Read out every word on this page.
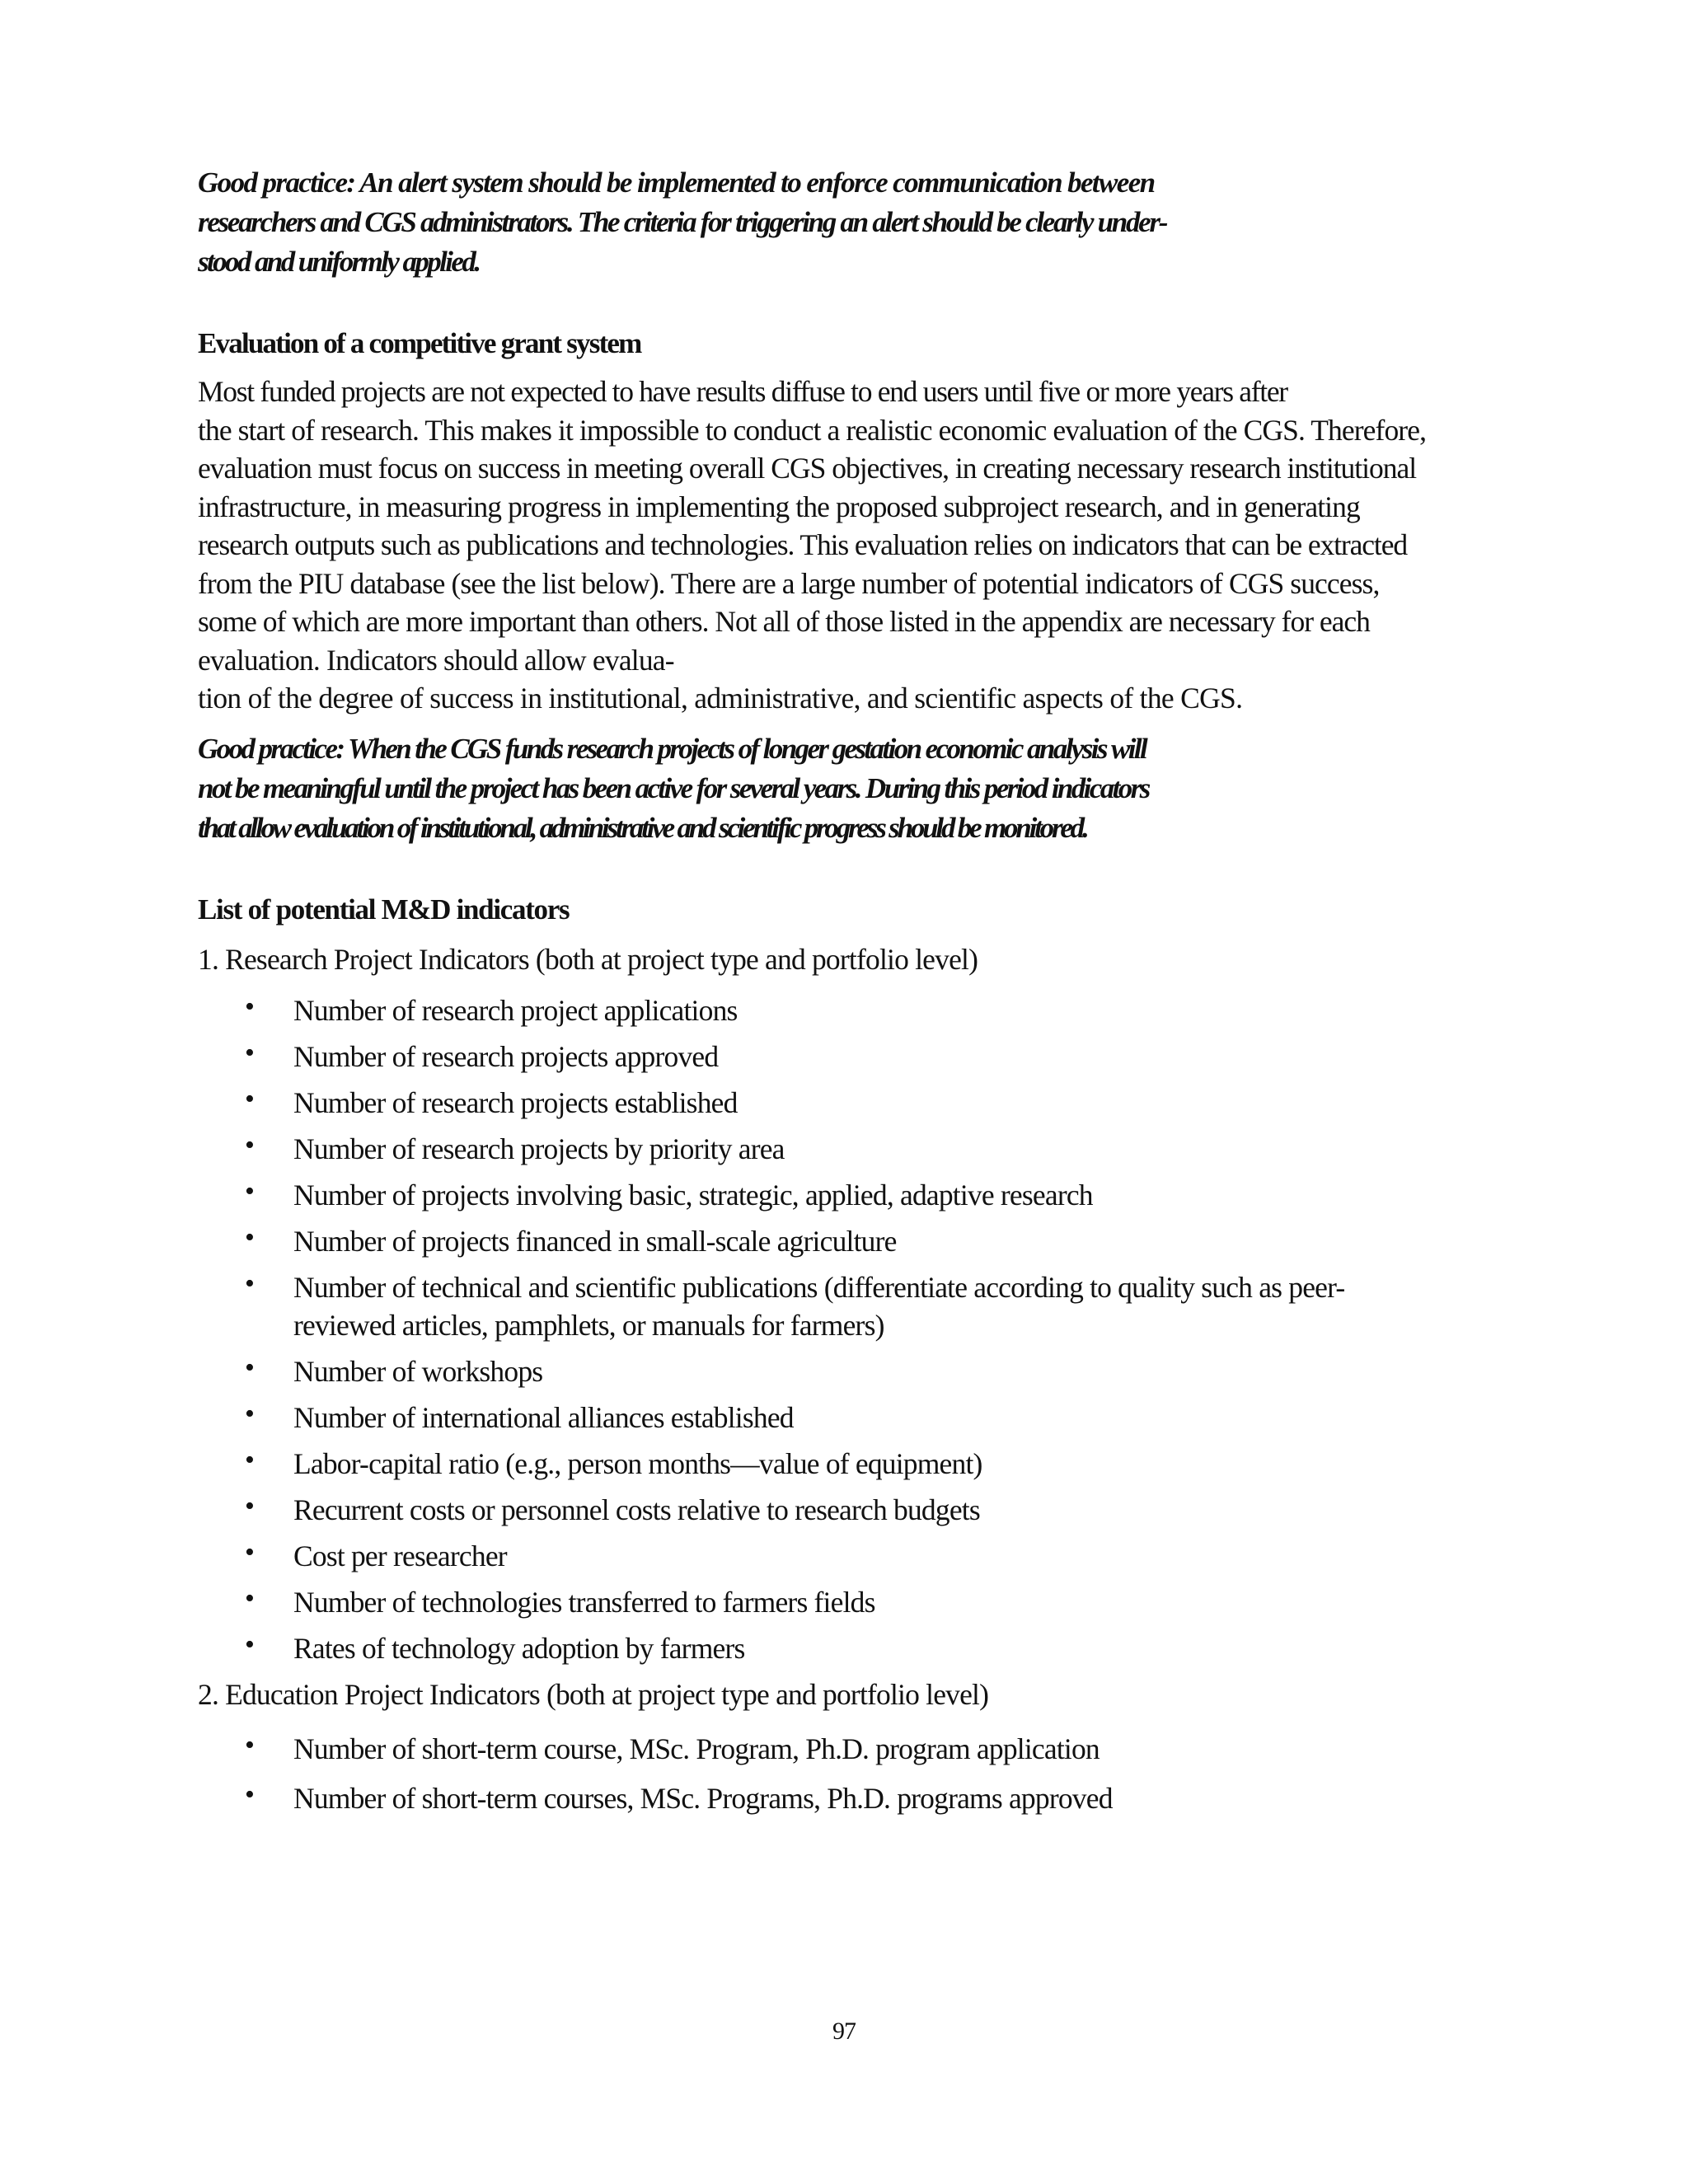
Good practice: An alert system should be implemented to enforce communication between
researchers and CGS administrators. The criteria for triggering an alert should be clearly under-
stood and uniformly applied.

Evaluation of a competitive grant system

Most funded projects are not expected to have results diffuse to end users until five or more years after
the start of research. This makes it impossible to conduct a realistic economic evaluation of the CGS. Therefore,
evaluation must focus on success in meeting overall CGS objectives, in creating necessary research institutional
infrastructure, in measuring progress in implementing the proposed subproject research, and in generating
research outputs such as publications and technologies. This evaluation relies on indicators that can be extracted
from the PIU database (see the list below). There are a large number of potential indicators of CGS success,
some of which are more important than others. Not all of those listed in the appendix are necessary for each
evaluation. Indicators should allow evalua-
tion of the degree of success in institutional, administrative, and scientific aspects of the CGS.

Good practice: When the CGS funds research projects of longer gestation economic analysis will
not be meaningful until the project has been active for several years. During this period indicators
that allow evaluation of institutional, administrative and scientific progress should be monitored.

List of potential M&D indicators

1. Research Project Indicators (both at project type and portfolio level)

• Number of research project applications
• Number of research projects approved
• Number of research projects established
• Number of research projects by priority area
• Number of projects involving basic, strategic, applied, adaptive research
• Number of projects financed in small-scale agriculture
• Number of technical and scientific publications (differentiate according to quality such as peer-reviewed articles, pamphlets, or manuals for farmers)
• Number of workshops
• Number of international alliances established
• Labor-capital ratio (e.g., person months—value of equipment)
• Recurrent costs or personnel costs relative to research budgets
• Cost per researcher
• Number of technologies transferred to farmers fields
• Rates of technology adoption by farmers

2. Education Project Indicators (both at project type and portfolio level)

• Number of short-term course, MSc. Program, Ph.D. program application
• Number of short-term courses, MSc. Programs, Ph.D. programs approved
97
